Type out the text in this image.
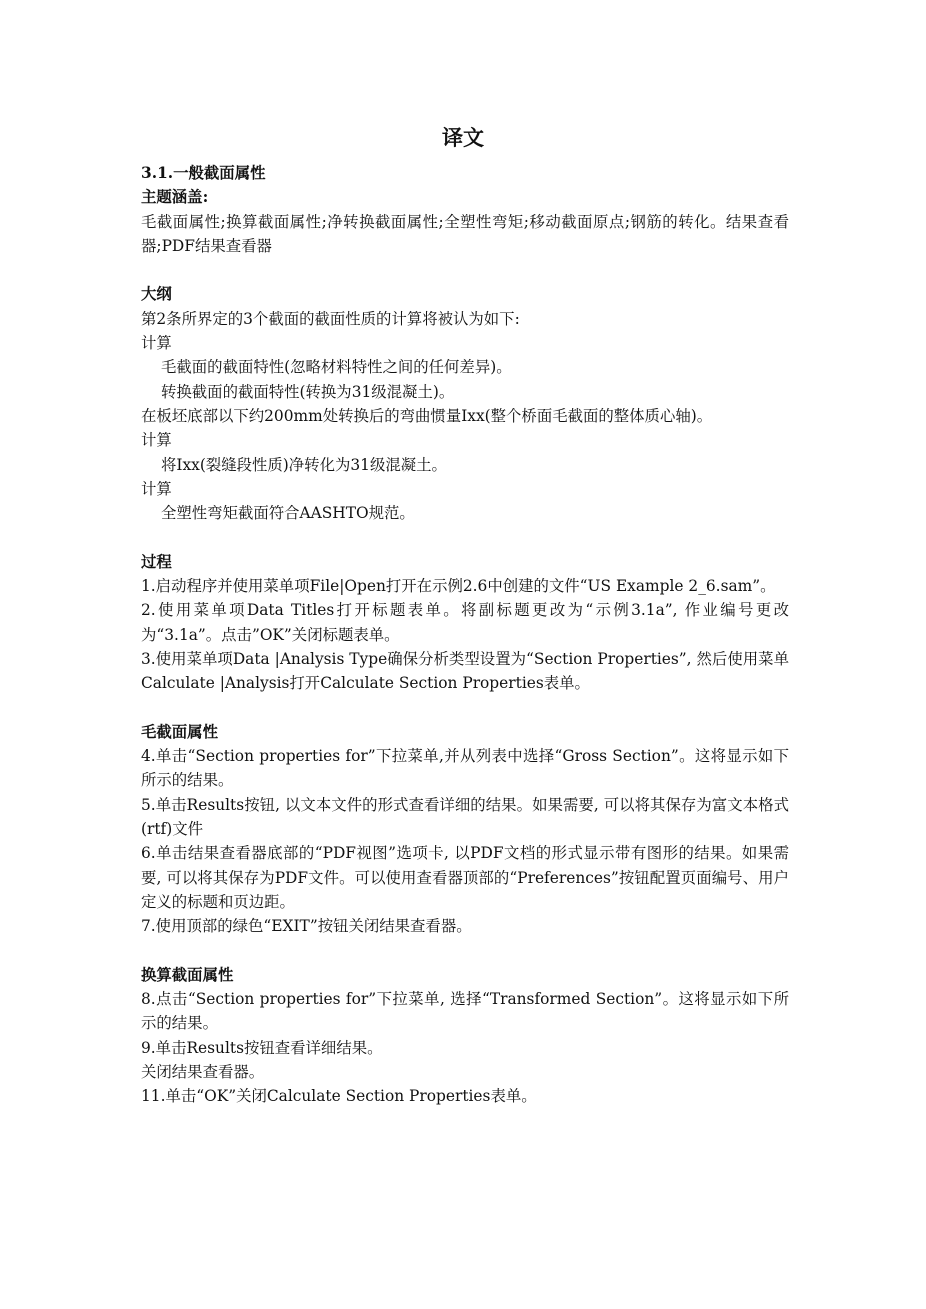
译文

3.1.一般截面属性

主题涵盖:

毛截面属性;换算截面属性;净转换截面属性;全塑性弯矩;移动截面原点;钢筋的转化。结果查看器;PDF结果查看器

大纲

第2条所界定的3个截面的截面性质的计算将被认为如下:

计算

毛截面的截面特性(忽略材料特性之间的任何差异)。

转换截面的截面特性(转换为31级混凝土)。

在板坯底部以下约200mm处转换后的弯曲惯量Ixx(整个桥面毛截面的整体质心轴)。

计算

将Ixx(裂缝段性质)净转化为31级混凝土。

计算

全塑性弯矩截面符合AASHTO规范。

过程

1.启动程序并使用菜单项File|Open打开在示例2.6中创建的文件“US Example 2_6.sam”。

2.使用菜单项Data Titles打开标题表单。将副标题更改为“示例3.1a”, 作业编号更改为“3.1a”。点击”OK”关闭标题表单。

3.使用菜单项Data |Analysis Type确保分析类型设置为“Section Properties”, 然后使用菜单Calculate |Analysis打开Calculate Section Properties表单。

毛截面属性

4.单击“Section properties for”下拉菜单,并从列表中选择“Gross Section”。这将显示如下所示的结果。

5.单击Results按钮, 以文本文件的形式查看详细的结果。如果需要, 可以将其保存为富文本格式(rtf)文件

6.单击结果查看器底部的“PDF视图”选项卡, 以PDF文档的形式显示带有图形的结果。如果需要, 可以将其保存为PDF文件。可以使用查看器顶部的“Preferences”按钮配置页面编号、用户定义的标题和页边距。

7.使用顶部的绿色“EXIT”按钮关闭结果查看器。

换算截面属性

8.点击“Section properties for”下拉菜单, 选择“Transformed Section”。这将显示如下所示的结果。

9.单击Results按钮查看详细结果。

关闭结果查看器。

11.单击“OK”关闭Calculate Section Properties表单。
